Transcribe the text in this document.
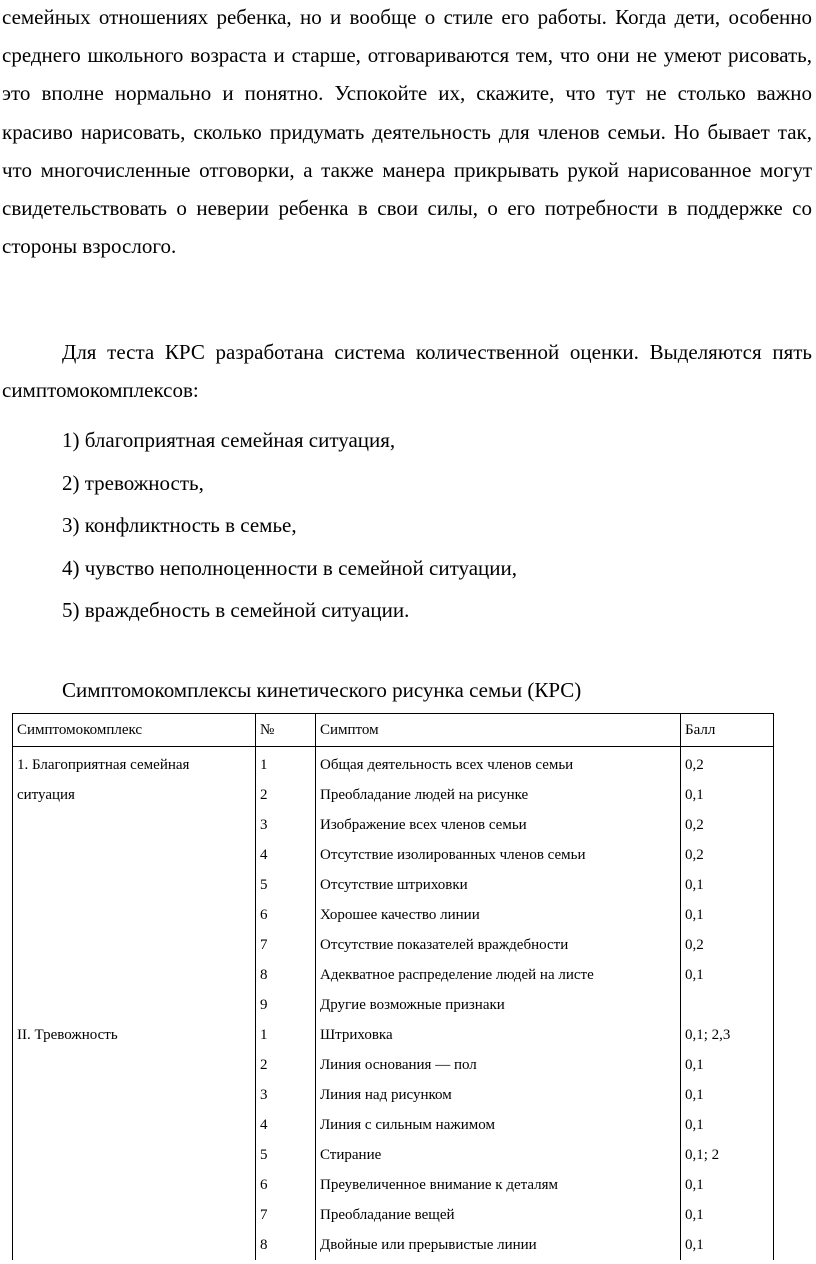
семейных отношениях ребенка, но и вообще о стиле его работы. Когда дети, особенно среднего школьного возраста и старше, отговариваются тем, что они не умеют рисовать, это вполне нормально и понятно. Успокойте их, скажите, что тут не столько важно красиво нарисовать, сколько придумать деятельность для членов семьи. Но бывает так, что многочисленные отговорки, а также манера прикрывать рукой нарисованное могут свидетельствовать о неверии ребенка в свои силы, о его потребности в поддержке со стороны взрослого.

Для теста КРС разработана система количественной оценки. Выделяются пять симптомокомплексов:

1) благоприятная семейная ситуация,
2) тревожность,
3) конфликтность в семье,
4) чувство неполноценности в семейной ситуации,
5) враждебность в семейной ситуации.
Симптомокомплексы кинетического рисунка семьи (КРС)
Симптомокомплекс	№	Симптом	Балл
1. Благоприятная семейная ситуация	1	Общая деятельность всех членов семьи	0,2
	2	Преобладание людей на рисунке	0,1
	3	Изображение всех членов семьи	0,2
	4	Отсутствие изолированных членов семьи	0,2
	5	Отсутствие штриховки	0,1
	6	Хорошее качество линии	0,1
	7	Отсутствие показателей враждебности	0,2
	8	Адекватное распределение людей на листе	0,1
	9	Другие возможные признаки	
II. Тревожность	1	Штриховка	0,1; 2,3
	2	Линия основания — пол	0,1
	3	Линия над рисунком	0,1
	4	Линия с сильным нажимом	0,1
	5	Стирание	0,1; 2
	6	Преувеличенное внимание к деталям	0,1
	7	Преобладание вещей	0,1
	8	Двойные или прерывистые линии	0,1
